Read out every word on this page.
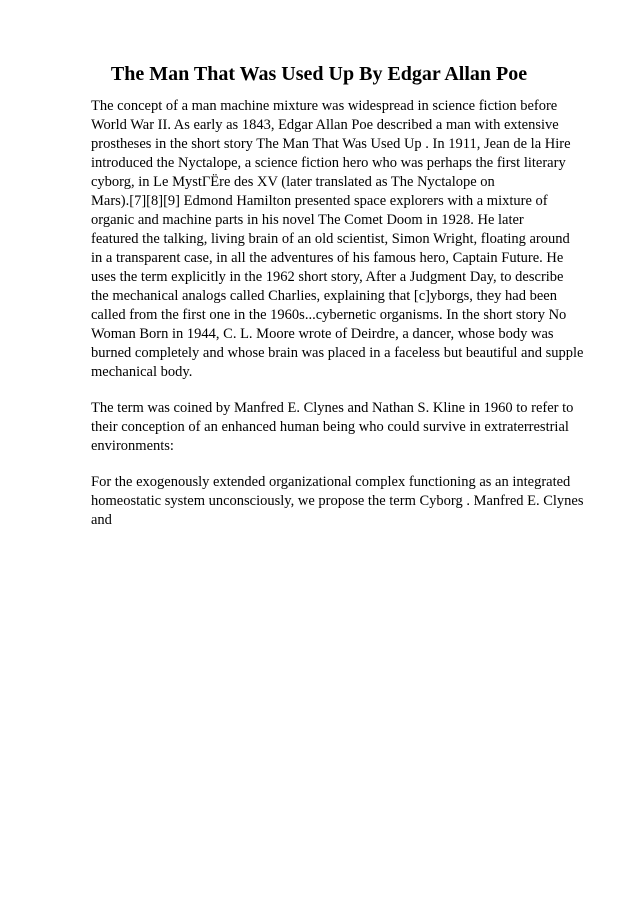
The Man That Was Used Up By Edgar Allan Poe

The concept of a man machine mixture was widespread in science fiction before
World War II. As early as 1843, Edgar Allan Poe described a man with extensive
prostheses in the short story The Man That Was Used Up . In 1911, Jean de la Hire
introduced the Nyctalope, a science fiction hero who was perhaps the first literary
cyborg, in Le MystΓËre des XV (later translated as The Nyctalope on
Mars).[7][8][9] Edmond Hamilton presented space explorers with a mixture of
organic and machine parts in his novel The Comet Doom in 1928. He later
featured the talking, living brain of an old scientist, Simon Wright, floating around
in a transparent case, in all the adventures of his famous hero, Captain Future. He
uses the term explicitly in the 1962 short story, After a Judgment Day, to describe
the mechanical analogs called Charlies, explaining that [c]yborgs, they had been
called from the first one in the 1960s...cybernetic organisms. In the short story No
Woman Born in 1944, C. L. Moore wrote of Deirdre, a dancer, whose body was
burned completely and whose brain was placed in a faceless but beautiful and supple
mechanical body.

The term was coined by Manfred E. Clynes and Nathan S. Kline in 1960 to refer to
their conception of an enhanced human being who could survive in extraterrestrial
environments:

For the exogenously extended organizational complex functioning as an integrated
homeostatic system unconsciously, we propose the term Cyborg . Manfred E. Clynes
and
